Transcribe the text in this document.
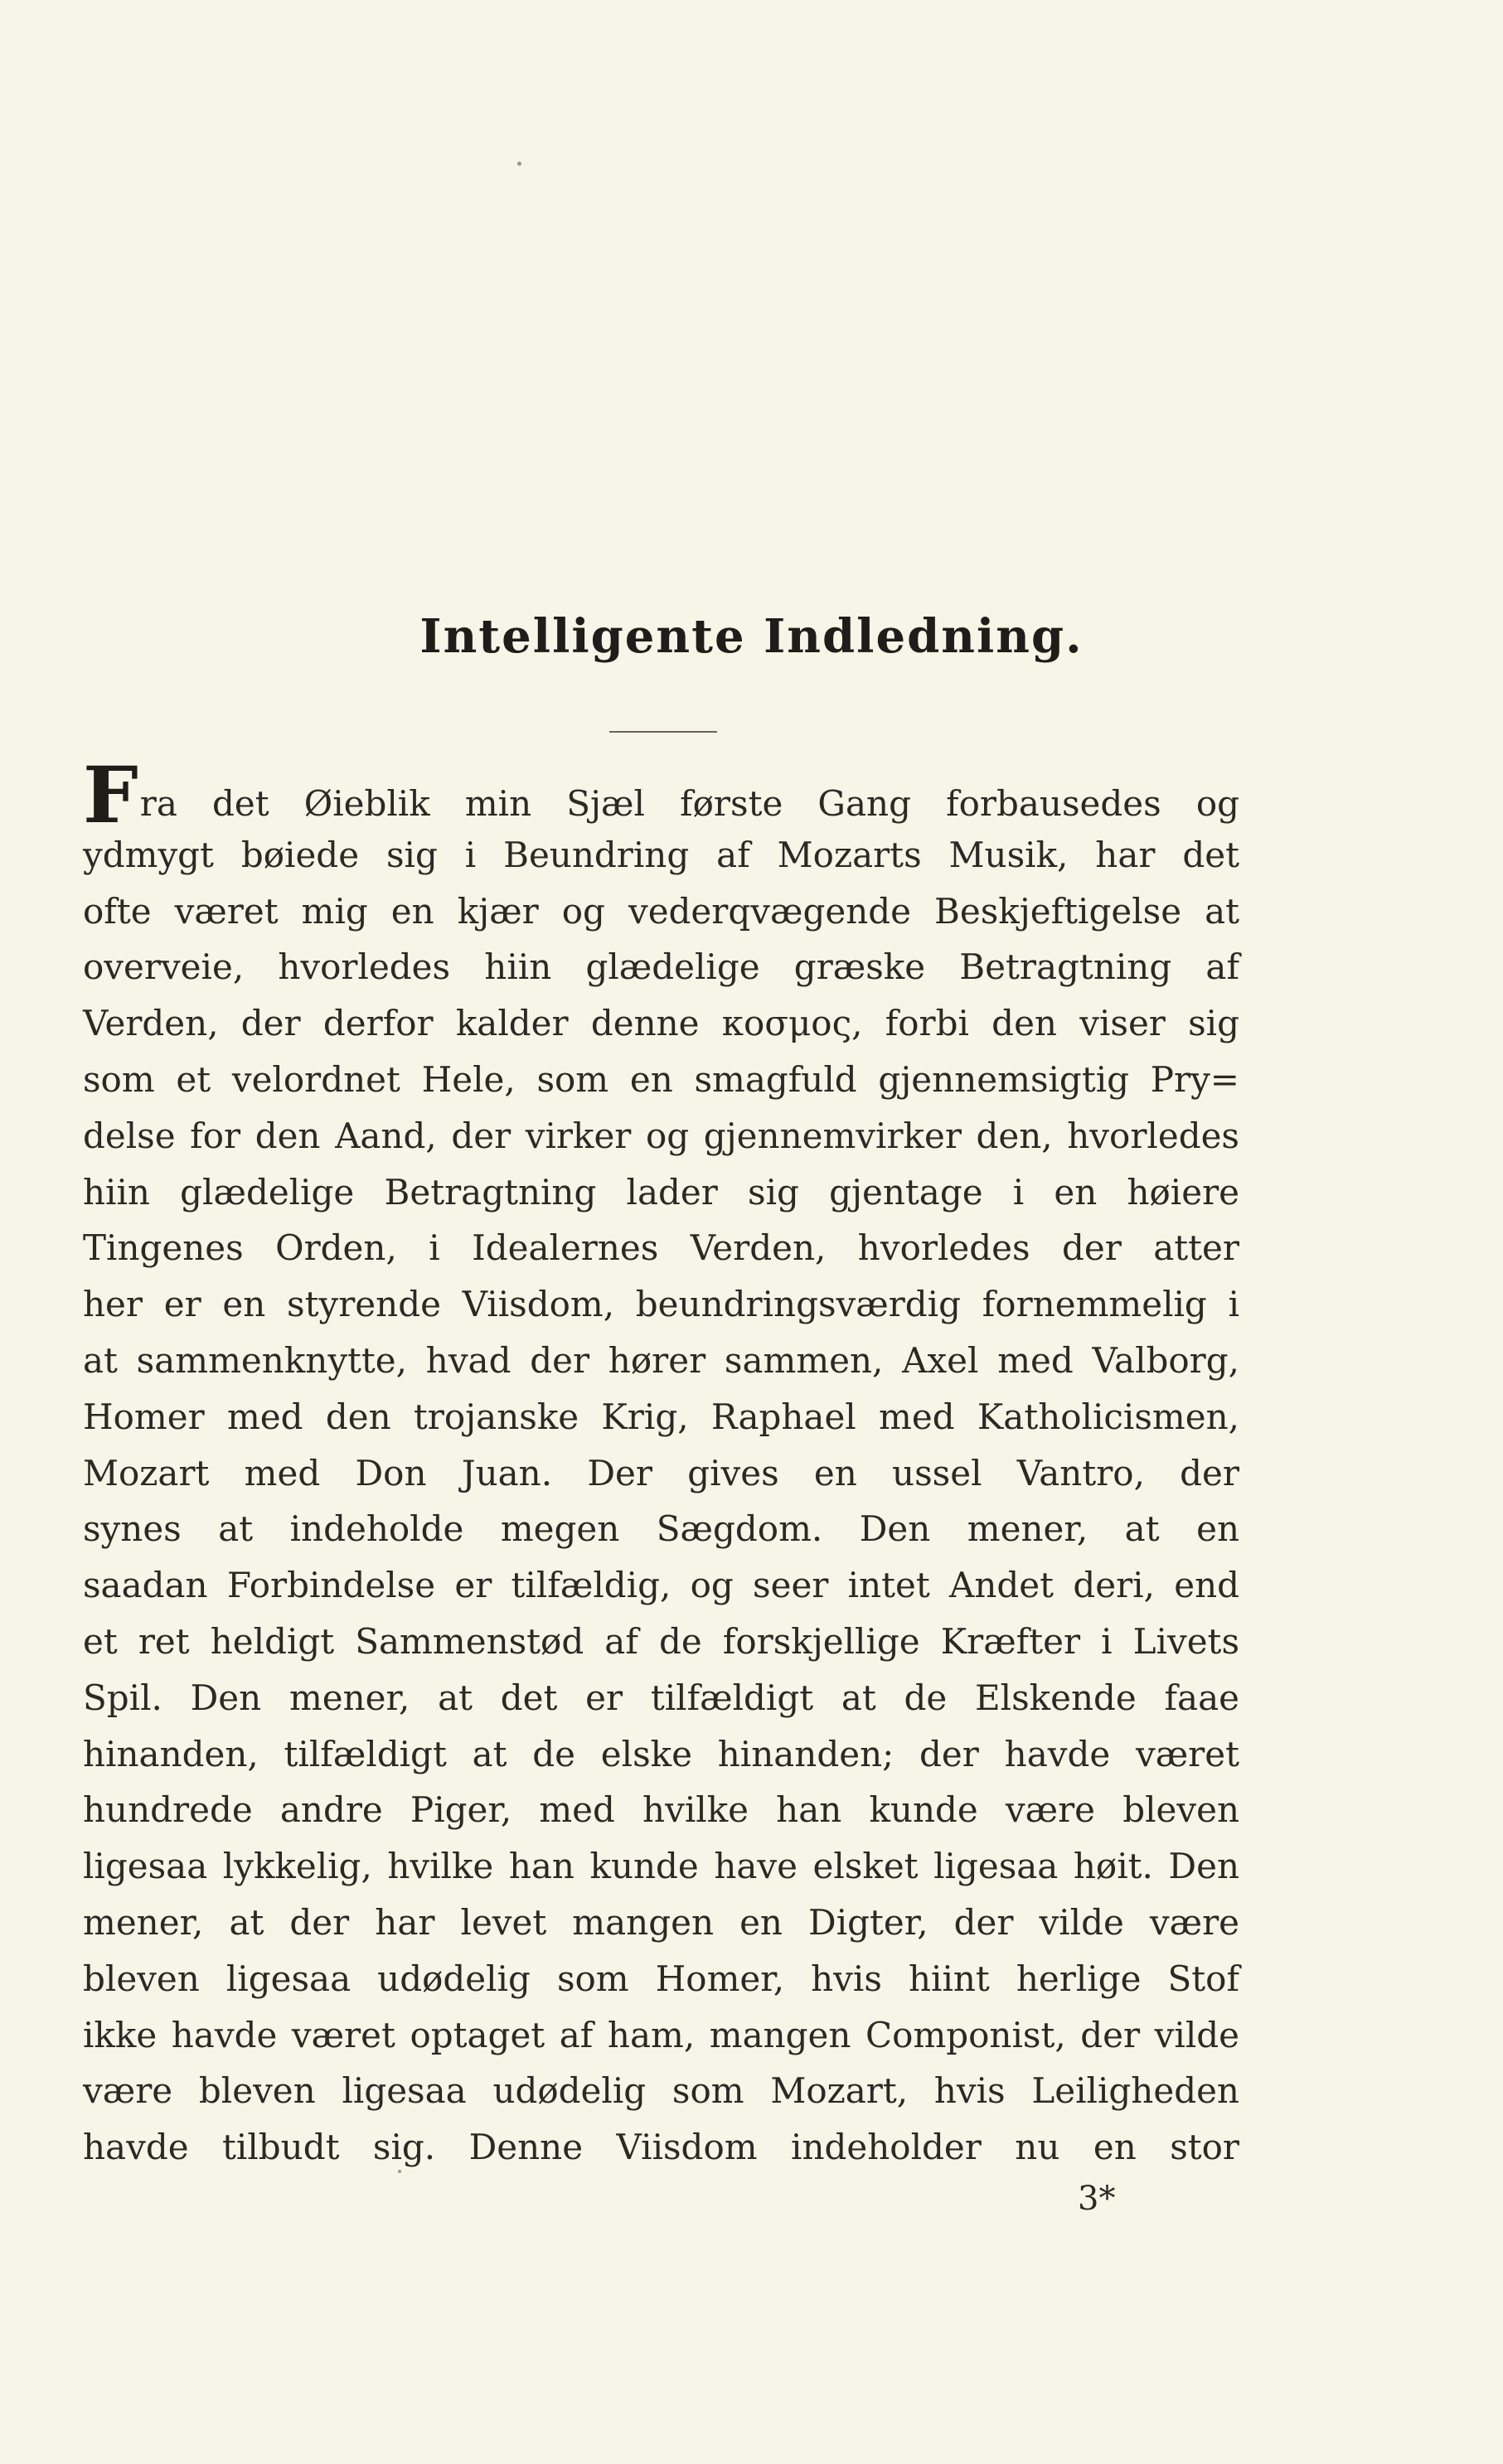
Intelligente Indledning.
Fra det Øieblik min Sjæl første Gang forbausedes og
ydmygt bøiede sig i Beundring af Mozarts Musik, har det
ofte været mig en kjær og vederqvægende Beskjeftigelse at
overveie, hvorledes hiin glædelige græske Betragtning af
Verden, der derfor kalder denne κοσμος, forbi den viser sig
som et velordnet Hele, som en smagfuld gjennemsigtig Pry=
delse for den Aand, der virker og gjennemvirker den, hvorledes
hiin glædelige Betragtning lader sig gjentage i en høiere
Tingenes Orden, i Idealernes Verden, hvorledes der atter
her er en styrende Viisdom, beundringsværdig fornemmelig i
at sammenknytte, hvad der hører sammen, Axel med Valborg,
Homer med den trojanske Krig, Raphael med Katholicismen,
Mozart med Don Juan. Der gives en ussel Vantro, der
synes at indeholde megen Sægdom. Den mener, at en
saadan Forbindelse er tilfældig, og seer intet Andet deri, end
et ret heldigt Sammenstød af de forskjellige Kræfter i Livets
Spil. Den mener, at det er tilfældigt at de Elskende faae
hinanden, tilfældigt at de elske hinanden; der havde været
hundrede andre Piger, med hvilke han kunde være bleven
ligesaa lykkelig, hvilke han kunde have elsket ligesaa høit. Den
mener, at der har levet mangen en Digter, der vilde være
bleven ligesaa udødelig som Homer, hvis hiint herlige Stof
ikke havde været optaget af ham, mangen Componist, der vilde
være bleven ligesaa udødelig som Mozart, hvis Leiligheden
havde tilbudt sig. Denne Viisdom indeholder nu en stor
3*
